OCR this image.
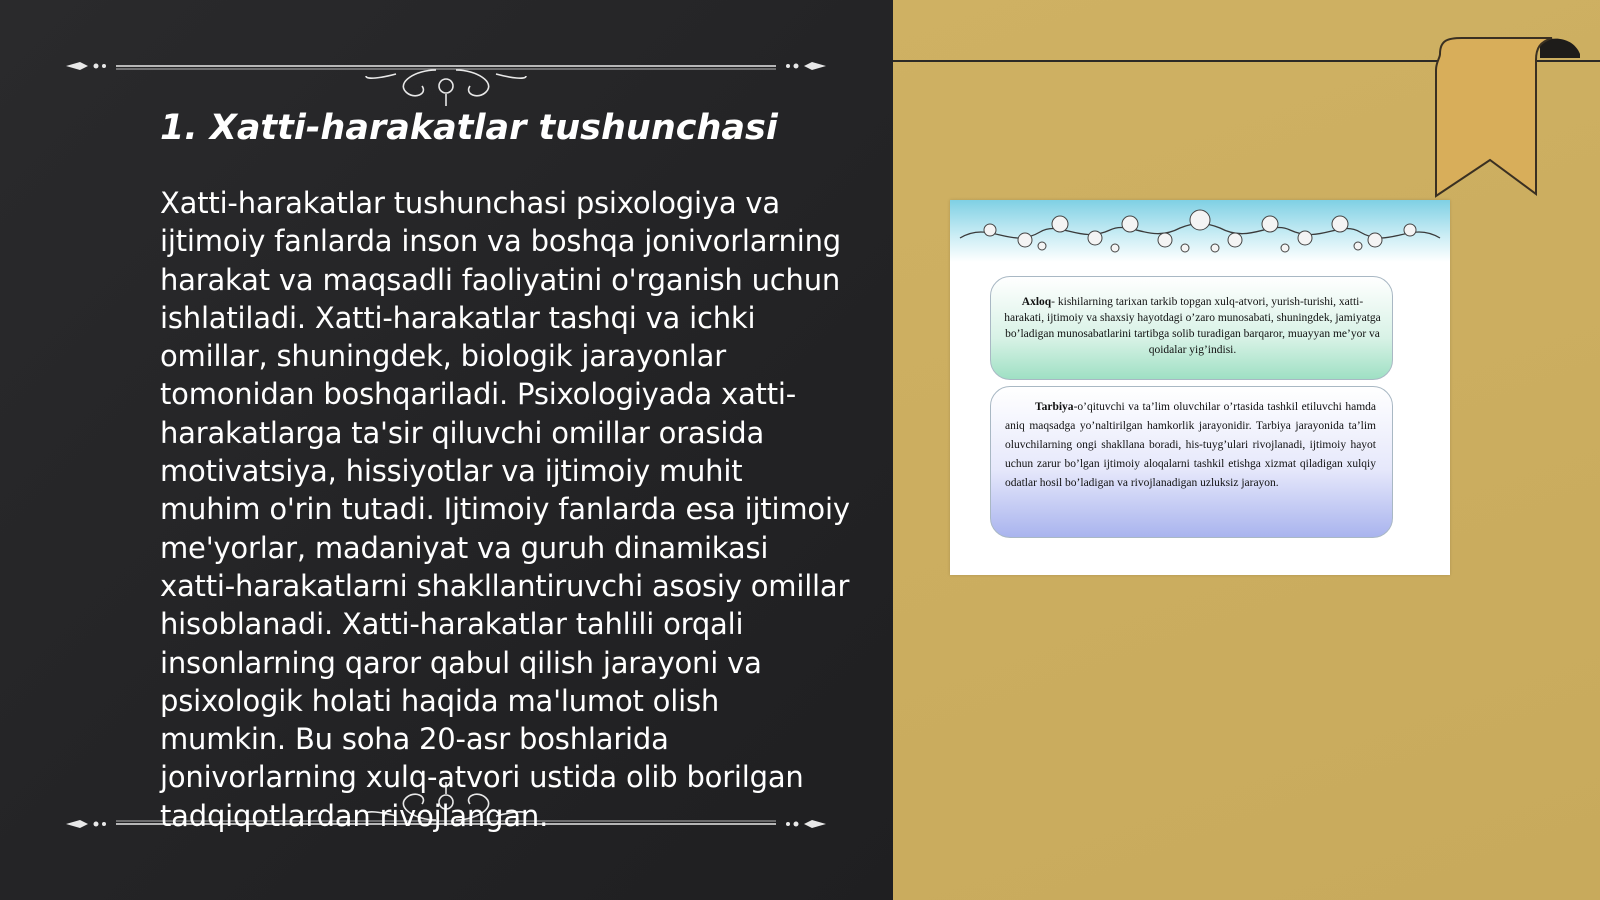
1. Xatti-harakatlar tushunchasi

Xatti-harakatlar tushunchasi psixologiya va ijtimoiy fanlarda inson va boshqa jonivorlarning harakat va maqsadli faoliyatini o'rganish uchun ishlatiladi. Xatti-harakatlar tashqi va ichki omillar, shuningdek, biologik jarayonlar tomonidan boshqariladi. Psixologiyada xatti-harakatlarga ta'sir qiluvchi omillar orasida motivatsiya, hissiyotlar va ijtimoiy muhit muhim o'rin tutadi. Ijtimoiy fanlarda esa ijtimoiy me'yorlar, madaniyat va guruh dinamikasi xatti-harakatlarni shakllantiruvchi asosiy omillar hisoblanadi. Xatti-harakatlar tahlili orqali insonlarning qaror qabul qilish jarayoni va psixologik holati haqida ma'lumot olish mumkin. Bu soha 20-asr boshlarida jonivorlarning xulq-atvori ustida olib borilgan tadqiqotlardan rivojlangan.

Axloq- kishilarning tarixan tarkib topgan xulq-atvori, yurish-turishi, xatti-harakati, ijtimoiy va shaxsiy hayotdagi o’zaro munosabati, shuningdek, jamiyatga bo’ladigan munosabatlarini tartibga solib turadigan barqaror, muayyan me’yor va qoidalar yig’indisi.
Tarbiya-o’qituvchi va ta’lim oluvchilar o’rtasida tashkil etiluvchi hamda aniq maqsadga yo’naltirilgan hamkorlik jarayonidir. Tarbiya jarayonida ta’lim oluvchilarning ongi shakllana boradi, his-tuyg’ulari rivojlanadi, ijtimoiy hayot uchun zarur bo’lgan ijtimoiy aloqalarni tashkil etishga xizmat qiladigan xulqiy odatlar hosil bo’ladigan va rivojlanadigan uzluksiz jarayon.
